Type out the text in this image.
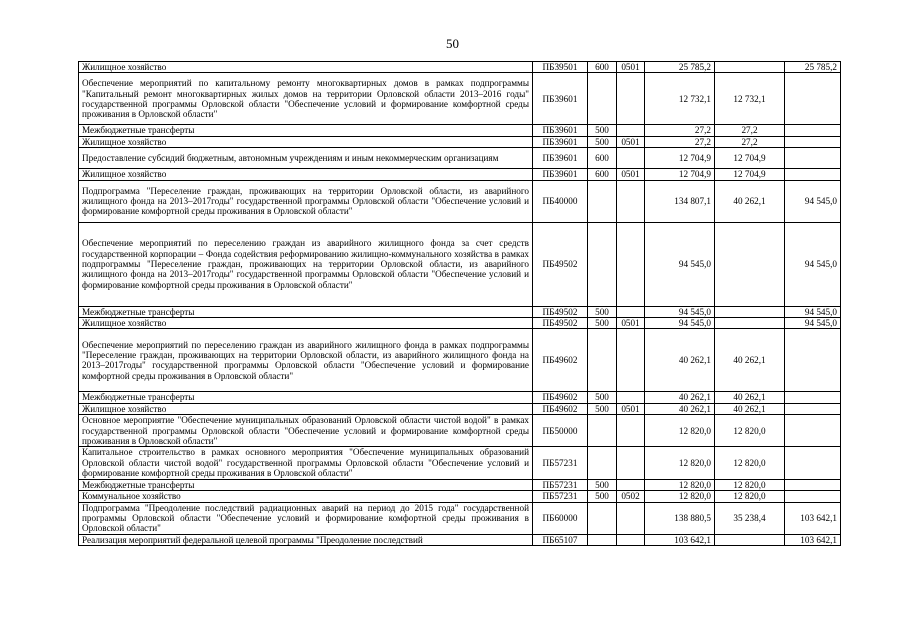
50
Жилищное хозяйство	ПБ39501	600	0501	25 785,2		25 785,2
Обеспечение мероприятий по капитальному ремонту многоквартирных домов в рамках подпрограммы "Капитальный ремонт многоквартирных жилых домов на территории Орловской области 2013–2016 годы" государственной программы Орловской области "Обеспечение условий и формирование комфортной среды проживания в Орловской области"	ПБ39601			12 732,1	12 732,1	
Межбюджетные трансферты	ПБ39601	500		27,2	27,2	
Жилищное хозяйство	ПБ39601	500	0501	27,2	27,2	
Предоставление субсидий бюджетным, автономным учреждениям и иным некоммерческим организациям	ПБ39601	600		12 704,9	12 704,9	
Жилищное хозяйство	ПБ39601	600	0501	12 704,9	12 704,9	
Подпрограмма "Переселение граждан, проживающих на территории Орловской области, из аварийного жилищного фонда на 2013–2017годы" государственной программы Орловской области "Обеспечение условий и формирование комфортной среды проживания в Орловской области"	ПБ40000			134 807,1	40 262,1	94 545,0
Обеспечение мероприятий по переселению граждан из аварийного жилищного фонда за счет средств государственной корпорации – Фонда содействия реформированию жилищно-коммунального хозяйства в рамках подпрограммы "Переселение граждан, проживающих на территории Орловской области, из аварийного жилищного фонда на 2013–2017годы" государственной программы Орловской области "Обеспечение условий и формирование комфортной среды проживания в Орловской области"	ПБ49502			94 545,0		94 545,0
Межбюджетные трансферты	ПБ49502	500		94 545,0		94 545,0
Жилищное хозяйство	ПБ49502	500	0501	94 545,0		94 545,0
Обеспечение мероприятий по переселению граждан из аварийного жилищного фонда в рамках подпрограммы "Переселение граждан, проживающих на территории Орловской области, из аварийного жилищного фонда на 2013–2017годы" государственной программы Орловской области "Обеспечение условий и формирование комфортной среды проживания в Орловской области"	ПБ49602			40 262,1	40 262,1	
Межбюджетные трансферты	ПБ49602	500		40 262,1	40 262,1	
Жилищное хозяйство	ПБ49602	500	0501	40 262,1	40 262,1	
Основное мероприятие "Обеспечение муниципальных образований Орловской области чистой водой" в рамках государственной программы Орловской области "Обеспечение условий и формирование комфортной среды проживания в Орловской области"	ПБ50000			12 820,0	12 820,0	
Капитальное строительство в рамках основного мероприятия "Обеспечение муниципальных образований Орловской области чистой водой" государственной программы Орловской области "Обеспечение условий и формирование комфортной среды проживания в Орловской области"	ПБ57231			12 820,0	12 820,0	
Межбюджетные трансферты	ПБ57231	500		12 820,0	12 820,0	
Коммунальное хозяйство	ПБ57231	500	0502	12 820,0	12 820,0	
Подпрограмма "Преодоление последствий радиационных аварий на период до 2015 года" государственной программы Орловской области "Обеспечение условий и формирование комфортной среды проживания в Орловской области"	ПБ60000			138 880,5	35 238,4	103 642,1
Реализация мероприятий федеральной целевой программы "Преодоление последствий	ПБ65107			103 642,1		103 642,1
